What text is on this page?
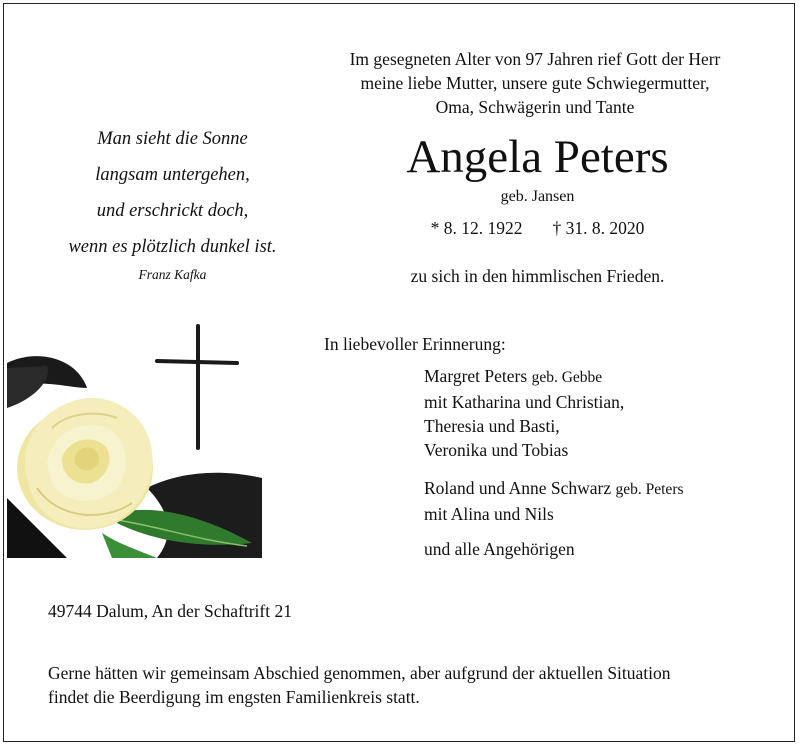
Im gesegneten Alter von 97 Jahren rief Gott der Herr
meine liebe Mutter, unsere gute Schwiegermutter,
Oma, Schwägerin und Tante
Angela Peters
geb. Jansen
* 8. 12. 1922 † 31. 8. 2020
zu sich in den himmlischen Frieden.
Man sieht die Sonne
langsam untergehen,
und erschrickt doch,
wenn es plötzlich dunkel ist.
Franz Kafka
In liebevoller Erinnerung:
Margret Peters geb. Gebbe
mit Katharina und Christian,
Theresia und Basti,
Veronika und Tobias
Roland und Anne Schwarz geb. Peters
mit Alina und Nils
und alle Angehörigen
49744 Dalum, An der Schaftrift 21
Gerne hätten wir gemeinsam Abschied genommen, aber aufgrund der aktuellen Situation
findet die Beerdigung im engsten Familienkreis statt.
